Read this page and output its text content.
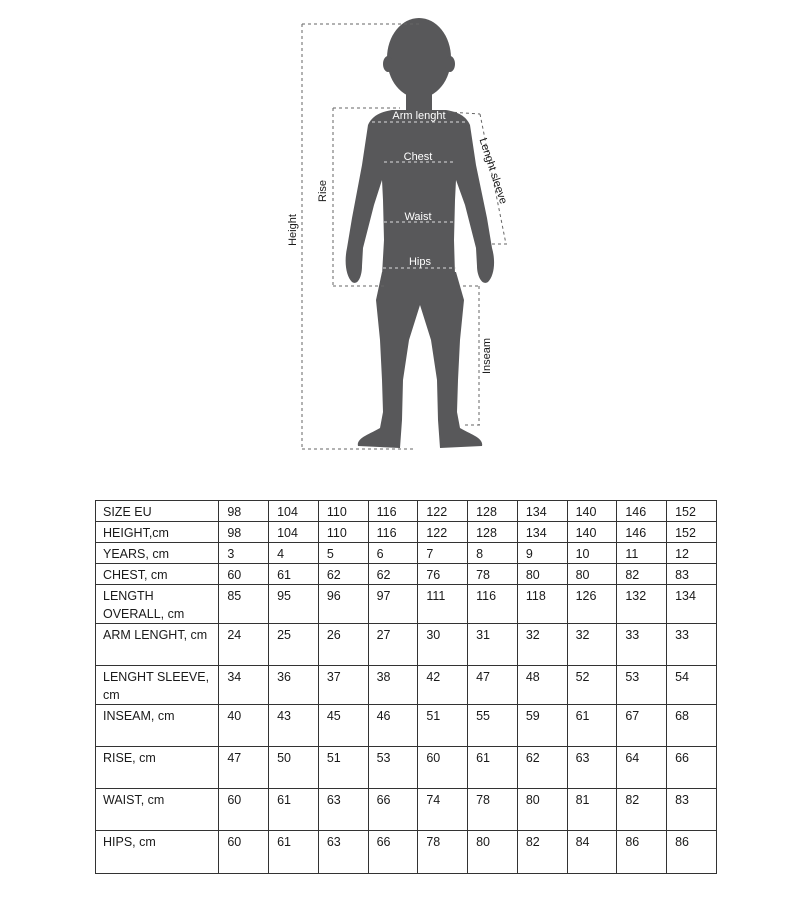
Arm lenght
Chest
Waist
Hips
Lenght sleeve
Rise
Height
Inseam
SIZE EU	98	104	110	116	122	128	134	140	146	152
HEIGHT,cm	98	104	110	116	122	128	134	140	146	152
YEARS, cm	3	4	5	6	7	8	9	10	11	12
CHEST, cm	60	61	62	62	76	78	80	80	82	83
LENGTH OVERALL, cm	85	95	96	97	111	116	118	126	132	134
ARM LENGHT, cm	24	25	26	27	30	31	32	32	33	33
LENGHT SLEEVE, cm	34	36	37	38	42	47	48	52	53	54
INSEAM, cm	40	43	45	46	51	55	59	61	67	68
RISE, cm	47	50	51	53	60	61	62	63	64	66
WAIST, cm	60	61	63	66	74	78	80	81	82	83
HIPS, cm	60	61	63	66	78	80	82	84	86	86
